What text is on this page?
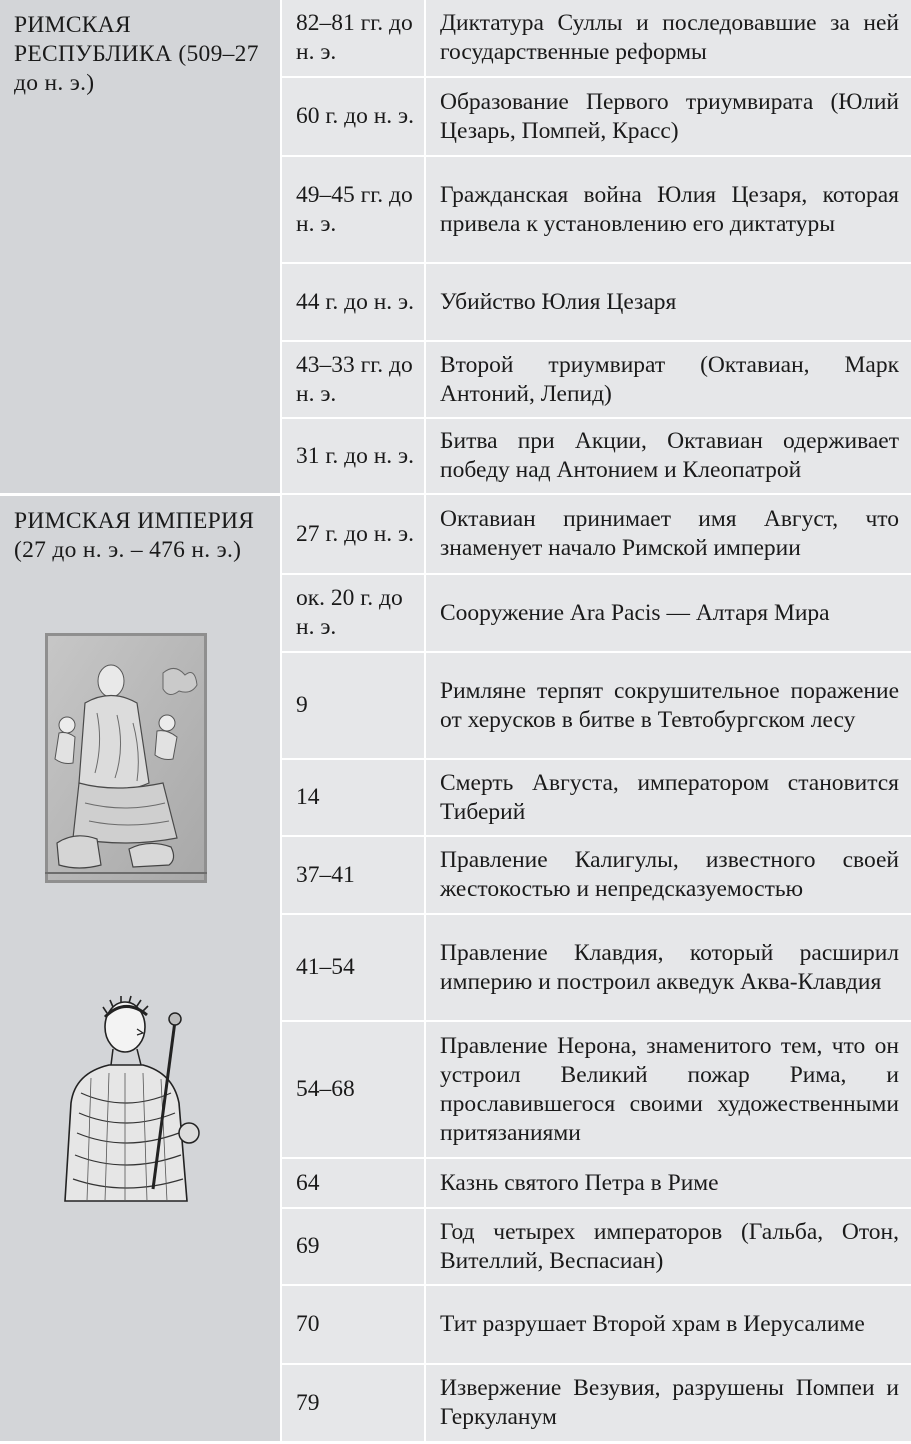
РИМСКАЯ РЕСПУБЛИКА (509–27 до н. э.)	82–81 гг. до н. э.	Диктатура Суллы и последовавшие за ней государственные реформы
	60 г. до н. э.	Образование Первого триумвирата (Юлий Цезарь, Помпей, Красс)
	49–45 гг. до н. э.	Гражданская война Юлия Цезаря, которая привела к установлению его диктатуры
	44 г. до н. э.	Убийство Юлия Цезаря
	43–33 гг. до н. э.	Второй триумвират (Октавиан, Марк Антоний, Лепид)
	31 г. до н. э.	Битва при Акции, Октавиан одерживает победу над Антонием и Клеопатрой

РИМСКАЯ ИМПЕРИЯ (27 до н. э. – 476 н. э.)	27 г. до н. э.	Октавиан принимает имя Август, что знаменует начало Римской империи
	ок. 20 г. до н. э.	Сооружение Ara Pacis — Алтаря Мира
	9	Римляне терпят сокрушительное поражение от херусков в битве в Тевтобургском лесу
	14	Смерть Августа, императором становится Тиберий
	37–41	Правление Калигулы, известного своей жестокостью и непредсказуемостью
	41–54	Правление Клавдия, который расширил империю и построил акведук Аква-Клавдия
	54–68	Правление Нерона, знаменитого тем, что он устроил Великий пожар Рима, и прославившегося своими художественными притязаниями
	64	Казнь святого Петра в Риме
	69	Год четырех императоров (Гальба, Отон, Вителлий, Веспасиан)
	70	Тит разрушает Второй храм в Иерусалиме
	79	Извержение Везувия, разрушены Помпеи и Геркуланум
